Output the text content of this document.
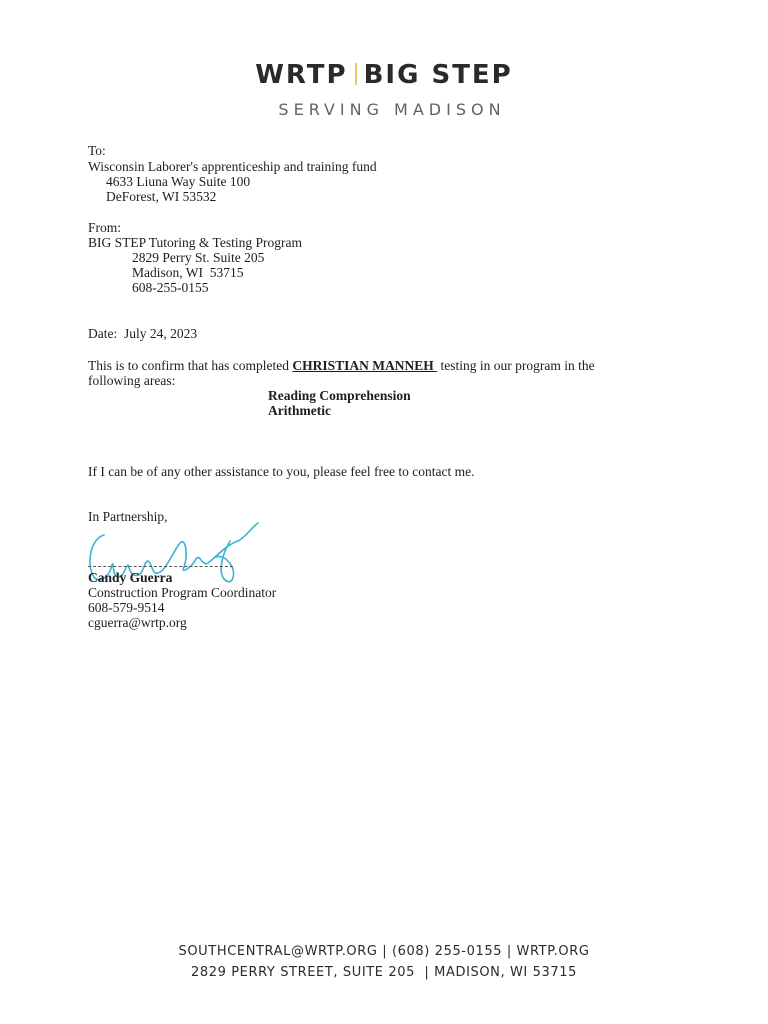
WRTP BIG STEP
SERVING MADISON
To:
Wisconsin Laborer's apprenticeship and training fund
4633 Liuna Way Suite 100
DeForest, WI 53532
From:
BIG STEP Tutoring & Testing Program
2829 Perry St. Suite 205
Madison, WI  53715
608-255-0155
Date: July 24, 2023
This is to confirm that has completed CHRISTIAN MANNEH  testing in our program in the
following areas:
Reading Comprehension
Arithmetic
If I can be of any other assistance to you, please feel free to contact me.
In Partnership,
Candy Guerra
Construction Program Coordinator
608-579-9514
cguerra@wrtp.org
SOUTHCENTRAL@WRTP.ORG | (608) 255-0155 | WRTP.ORG
2829 PERRY STREET, SUITE 205  | MADISON, WI 53715
